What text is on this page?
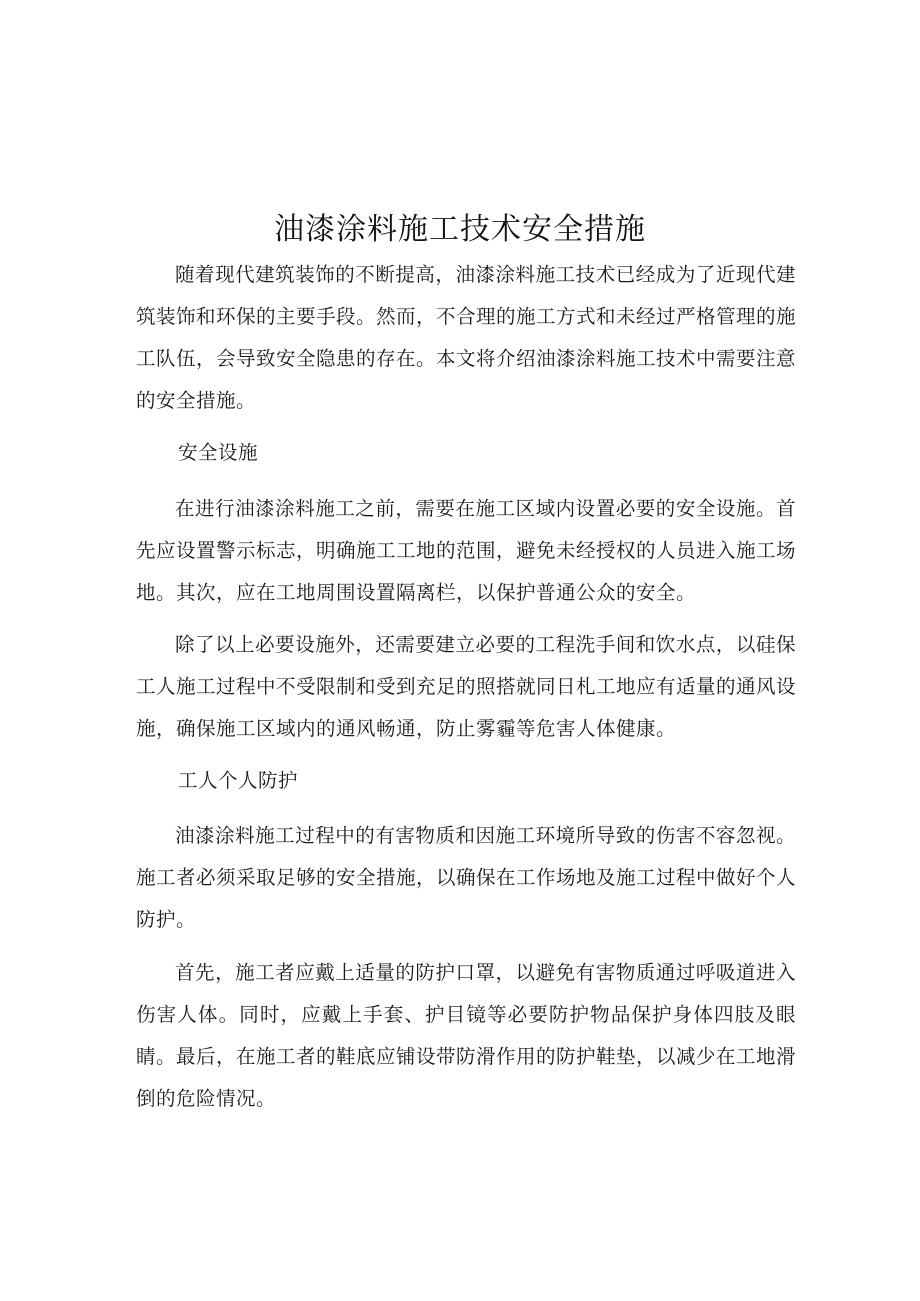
油漆涂料施工技术安全措施

随着现代建筑装饰的不断提高，油漆涂料施工技术已经成为了近现代建筑装饰和环保的主要手段。然而，不合理的施工方式和未经过严格管理的施工队伍，会导致安全隐患的存在。本文将介绍油漆涂料施工技术中需要注意的安全措施。

安全设施

在进行油漆涂料施工之前，需要在施工区域内设置必要的安全设施。首先应设置警示标志，明确施工工地的范围，避免未经授权的人员进入施工场地。其次，应在工地周围设置隔离栏，以保护普通公众的安全。

除了以上必要设施外，还需要建立必要的工程洗手间和饮水点，以硅保工人施工过程中不受限制和受到充足的照搭就同日札工地应有适量的通风设施，确保施工区域内的通风畅通，防止雾霾等危害人体健康。

工人个人防护

油漆涂料施工过程中的有害物质和因施工环境所导致的伤害不容忽视。施工者必须采取足够的安全措施，以确保在工作场地及施工过程中做好个人防护。

首先，施工者应戴上适量的防护口罩，以避免有害物质通过呼吸道进入伤害人体。同时，应戴上手套、护目镜等必要防护物品保护身体四肢及眼睛。最后，在施工者的鞋底应铺设带防滑作用的防护鞋垫，以减少在工地滑倒的危险情况。
